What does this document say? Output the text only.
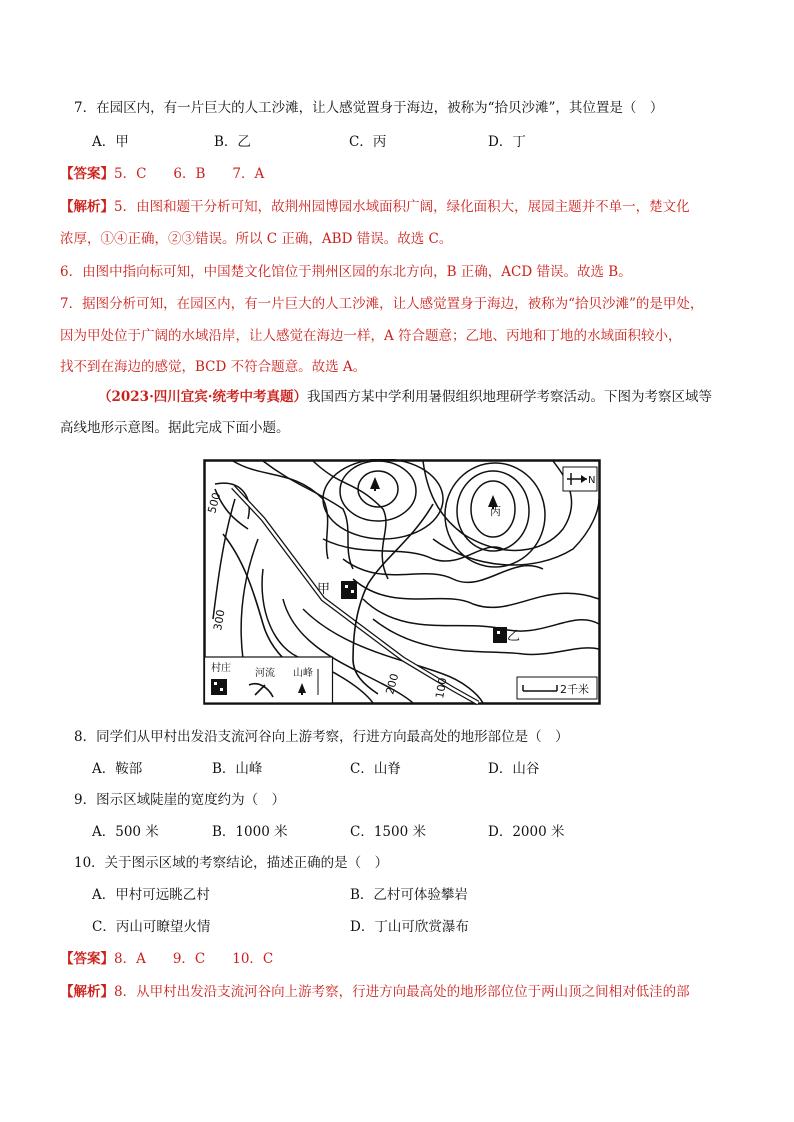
7．在园区内，有一片巨大的人工沙滩，让人感觉置身于海边，被称为“拾贝沙滩”，其位置是（　）
A．甲	B．乙	C．丙	D．丁
【答案】5．C　　6．B　　7．A
【解析】5．由图和题干分析可知，故荆州园博园水域面积广阔，绿化面积大，展园主题并不单一，楚文化
浓厚，①④正确，②③错误。所以 C 正确，ABD 错误。故选 C。
6．由图中指向标可知，中国楚文化馆位于荆州区园的东北方向，B 正确，ACD 错误。故选 B。
7．据图分析可知，在园区内，有一片巨大的人工沙滩，让人感觉置身于海边，被称为“拾贝沙滩”的是甲处，
因为甲处位于广阔的水域沿岸，让人感觉在海边一样，A 符合题意；乙地、丙地和丁地的水域面积较小，
找不到在海边的感觉，BCD 不符合题意。故选 A。
（2023·四川宜宾·统考中考真题）我国西方某中学利用暑假组织地理研学考察活动。下图为考察区域等
高线地形示意图。据此完成下面小题。
甲
乙
丙
500
300
200	100
N
村庄 河流 山峰
2千米
8．同学们从甲村出发沿支流河谷向上游考察，行进方向最高处的地形部位是（　）
A．鞍部	B．山峰	C．山脊	D．山谷
9．图示区域陡崖的宽度约为（　）
A．500 米	B．1000 米	C．1500 米	D．2000 米
10．关于图示区域的考察结论，描述正确的是（　）
A．甲村可远眺乙村	B．乙村可体验攀岩
C．丙山可瞭望火情	D．丁山可欣赏瀑布
【答案】8．A　　9．C　　10．C
【解析】8．从甲村出发沿支流河谷向上游考察，行进方向最高处的地形部位位于两山顶之间相对低洼的部
